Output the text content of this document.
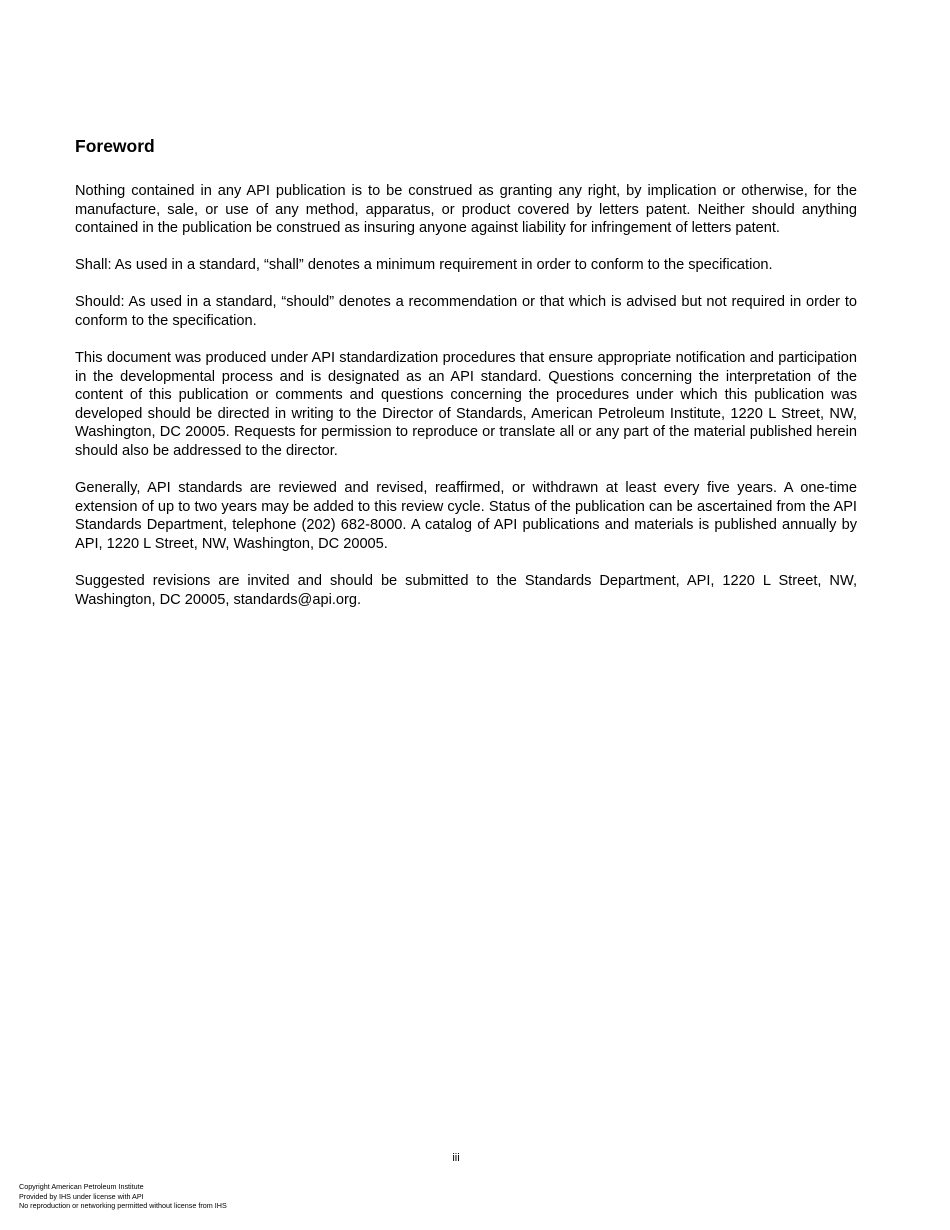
Foreword

Nothing contained in any API publication is to be construed as granting any right, by implication or otherwise, for the manufacture, sale, or use of any method, apparatus, or product covered by letters patent. Neither should anything contained in the publication be construed as insuring anyone against liability for infringement of letters patent.

Shall: As used in a standard, “shall” denotes a minimum requirement in order to conform to the specification.

Should: As used in a standard, “should” denotes a recommendation or that which is advised but not required in order to conform to the specification.

This document was produced under API standardization procedures that ensure appropriate notification and participation in the developmental process and is designated as an API standard. Questions concerning the interpretation of the content of this publication or comments and questions concerning the procedures under which this publication was developed should be directed in writing to the Director of Standards, American Petroleum Institute, 1220 L Street, NW, Washington, DC 20005. Requests for permission to reproduce or translate all or any part of the material published herein should also be addressed to the director.

Generally, API standards are reviewed and revised, reaffirmed, or withdrawn at least every five years. A one-time extension of up to two years may be added to this review cycle. Status of the publication can be ascertained from the API Standards Department, telephone (202) 682-8000. A catalog of API publications and materials is published annually by API, 1220 L Street, NW, Washington, DC 20005.

Suggested revisions are invited and should be submitted to the Standards Department, API, 1220 L Street, NW, Washington, DC 20005, standards@api.org.

iii
Copyright American Petroleum Institute
Provided by IHS under license with API
No reproduction or networking permitted without license from IHS
